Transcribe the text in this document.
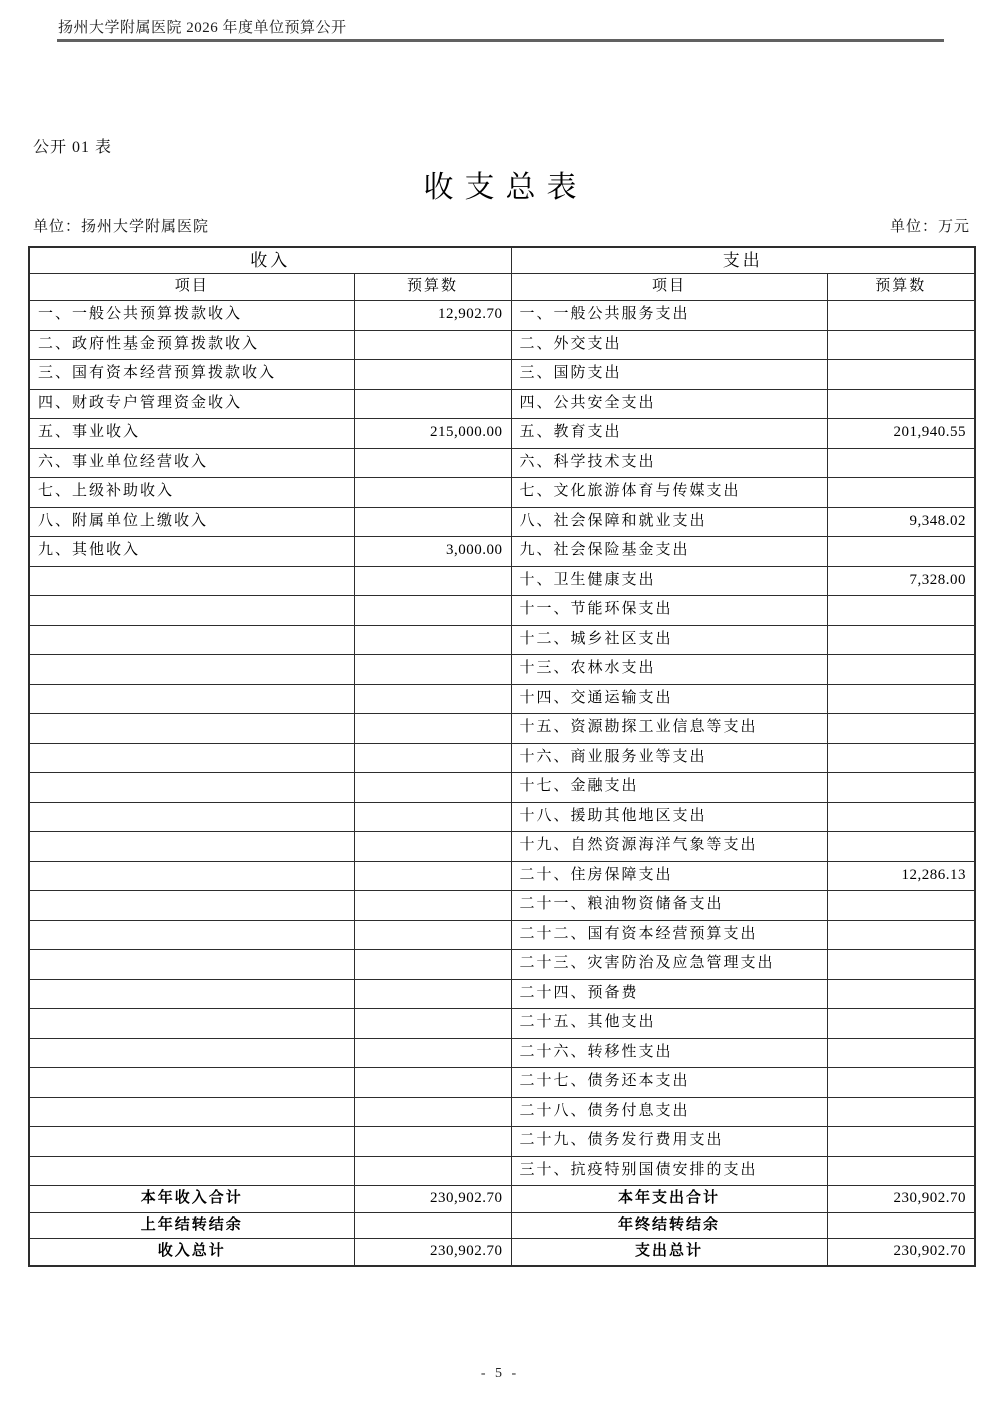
扬州大学附属医院 2026 年度单位预算公开
公开 01 表
收支总表
单位：扬州大学附属医院	单位：万元
收入		支出	
项目	预算数	项目	预算数
一、一般公共预算拨款收入	12,902.70	一、一般公共服务支出	
二、政府性基金预算拨款收入		二、外交支出	
三、国有资本经营预算拨款收入		三、国防支出	
四、财政专户管理资金收入		四、公共安全支出	
五、事业收入	215,000.00	五、教育支出	201,940.55
六、事业单位经营收入		六、科学技术支出	
七、上级补助收入		七、文化旅游体育与传媒支出	
八、附属单位上缴收入		八、社会保障和就业支出	9,348.02
九、其他收入	3,000.00	九、社会保险基金支出	
		十、卫生健康支出	7,328.00
		十一、节能环保支出	
		十二、城乡社区支出	
		十三、农林水支出	
		十四、交通运输支出	
		十五、资源勘探工业信息等支出	
		十六、商业服务业等支出	
		十七、金融支出	
		十八、援助其他地区支出	
		十九、自然资源海洋气象等支出	
		二十、住房保障支出	12,286.13
		二十一、粮油物资储备支出	
		二十二、国有资本经营预算支出	
		二十三、灾害防治及应急管理支出	
		二十四、预备费	
		二十五、其他支出	
		二十六、转移性支出	
		二十七、债务还本支出	
		二十八、债务付息支出	
		二十九、债务发行费用支出	
		三十、抗疫特别国债安排的支出	
本年收入合计	230,902.70	本年支出合计	230,902.70
上年结转结余		年终结转结余	
收入总计	230,902.70	支出总计	230,902.70
- 5 -
